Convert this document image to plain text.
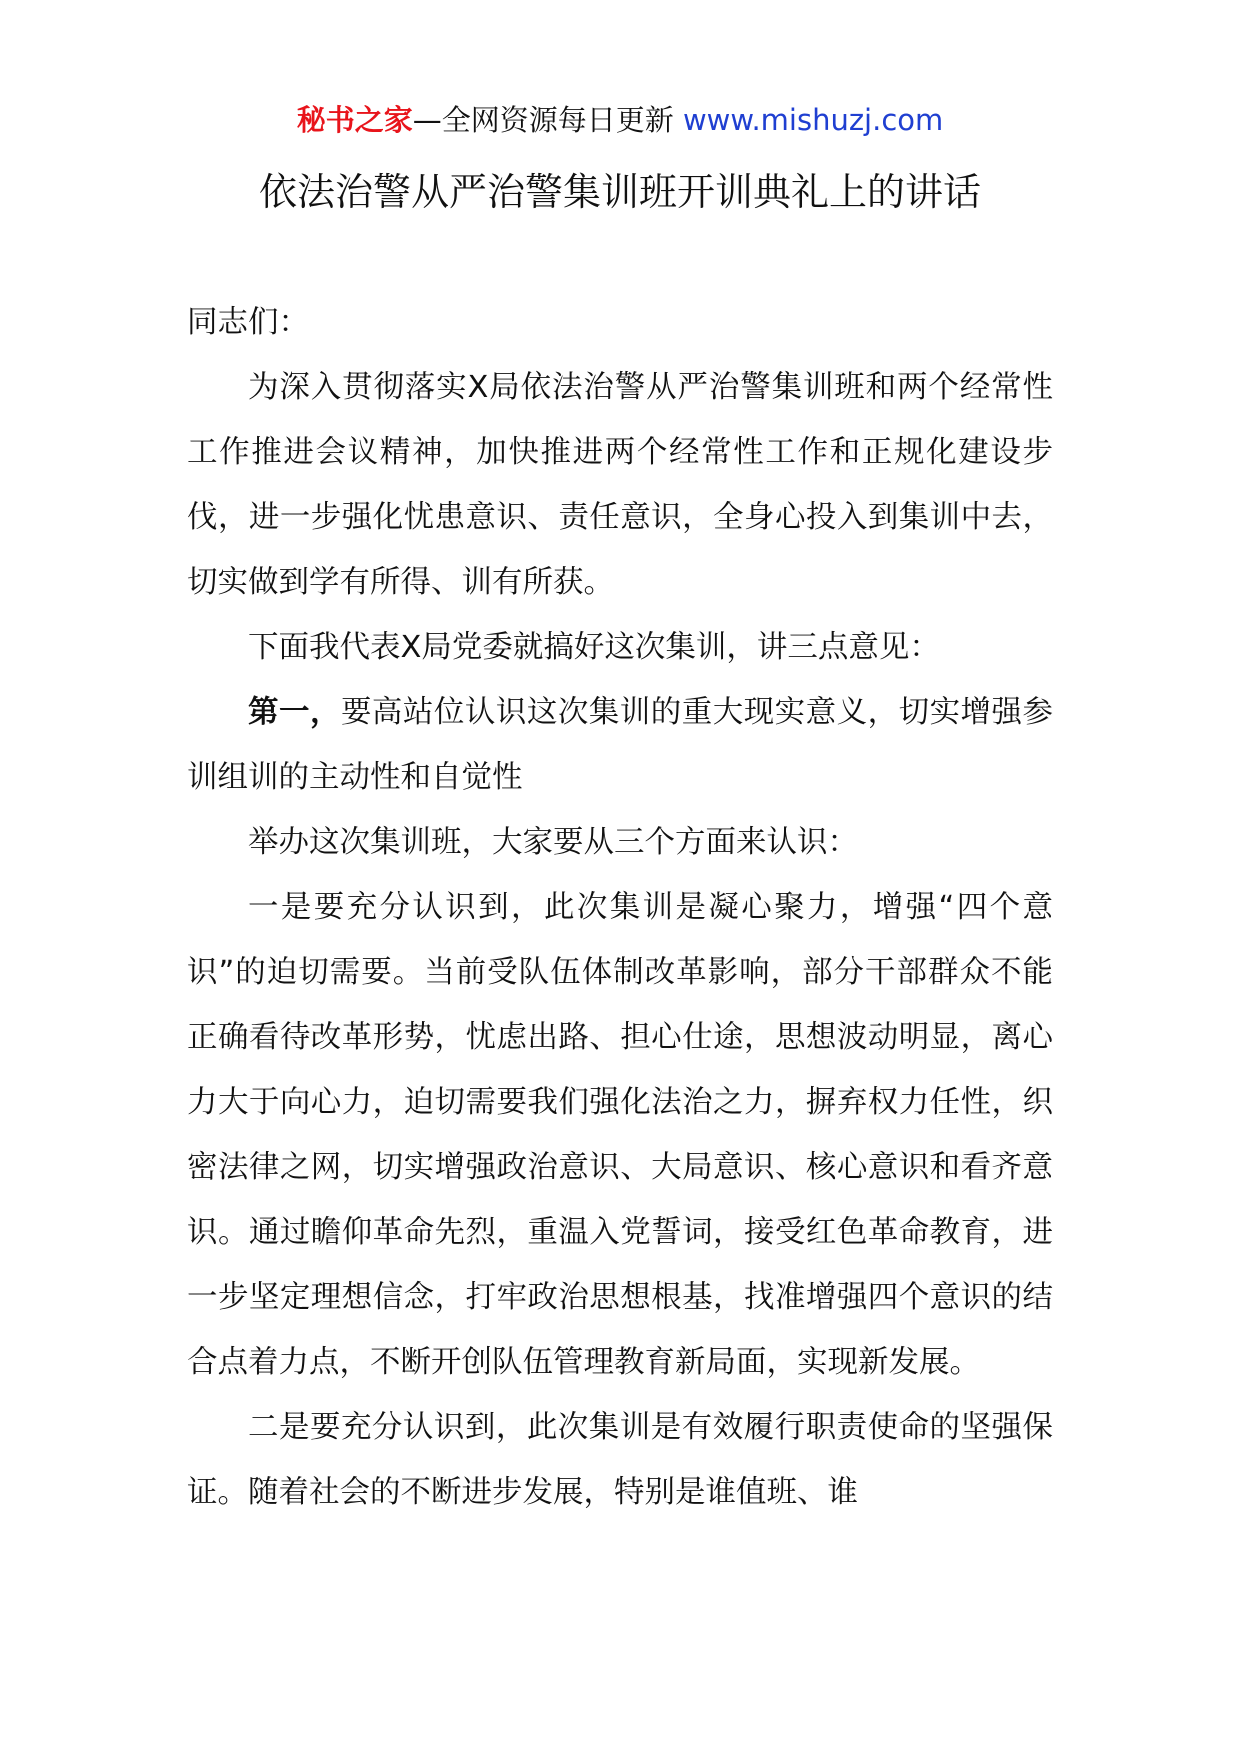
秘书之家—全网资源每日更新 www.mishuzj.com
依法治警从严治警集训班开训典礼上的讲话

同志们：

为深入贯彻落实X局依法治警从严治警集训班和两个经常性工作推进会议精神，加快推进两个经常性工作和正规化建设步伐，进一步强化忧患意识、责任意识，全身心投入到集训中去，切实做到学有所得、训有所获。

下面我代表X局党委就搞好这次集训，讲三点意见：

第一，要高站位认识这次集训的重大现实意义，切实增强参训组训的主动性和自觉性

举办这次集训班，大家要从三个方面来认识：

一是要充分认识到，此次集训是凝心聚力，增强“四个意识”的迫切需要。当前受队伍体制改革影响，部分干部群众不能正确看待改革形势，忧虑出路、担心仕途，思想波动明显，离心力大于向心力，迫切需要我们强化法治之力，摒弃权力任性，织密法律之网，切实增强政治意识、大局意识、核心意识和看齐意识。通过瞻仰革命先烈，重温入党誓词，接受红色革命教育，进一步坚定理想信念，打牢政治思想根基，找准增强四个意识的结合点着力点，不断开创队伍管理教育新局面，实现新发展。

二是要充分认识到，此次集训是有效履行职责使命的坚强保证。随着社会的不断进步发展，特别是谁值班、谁
